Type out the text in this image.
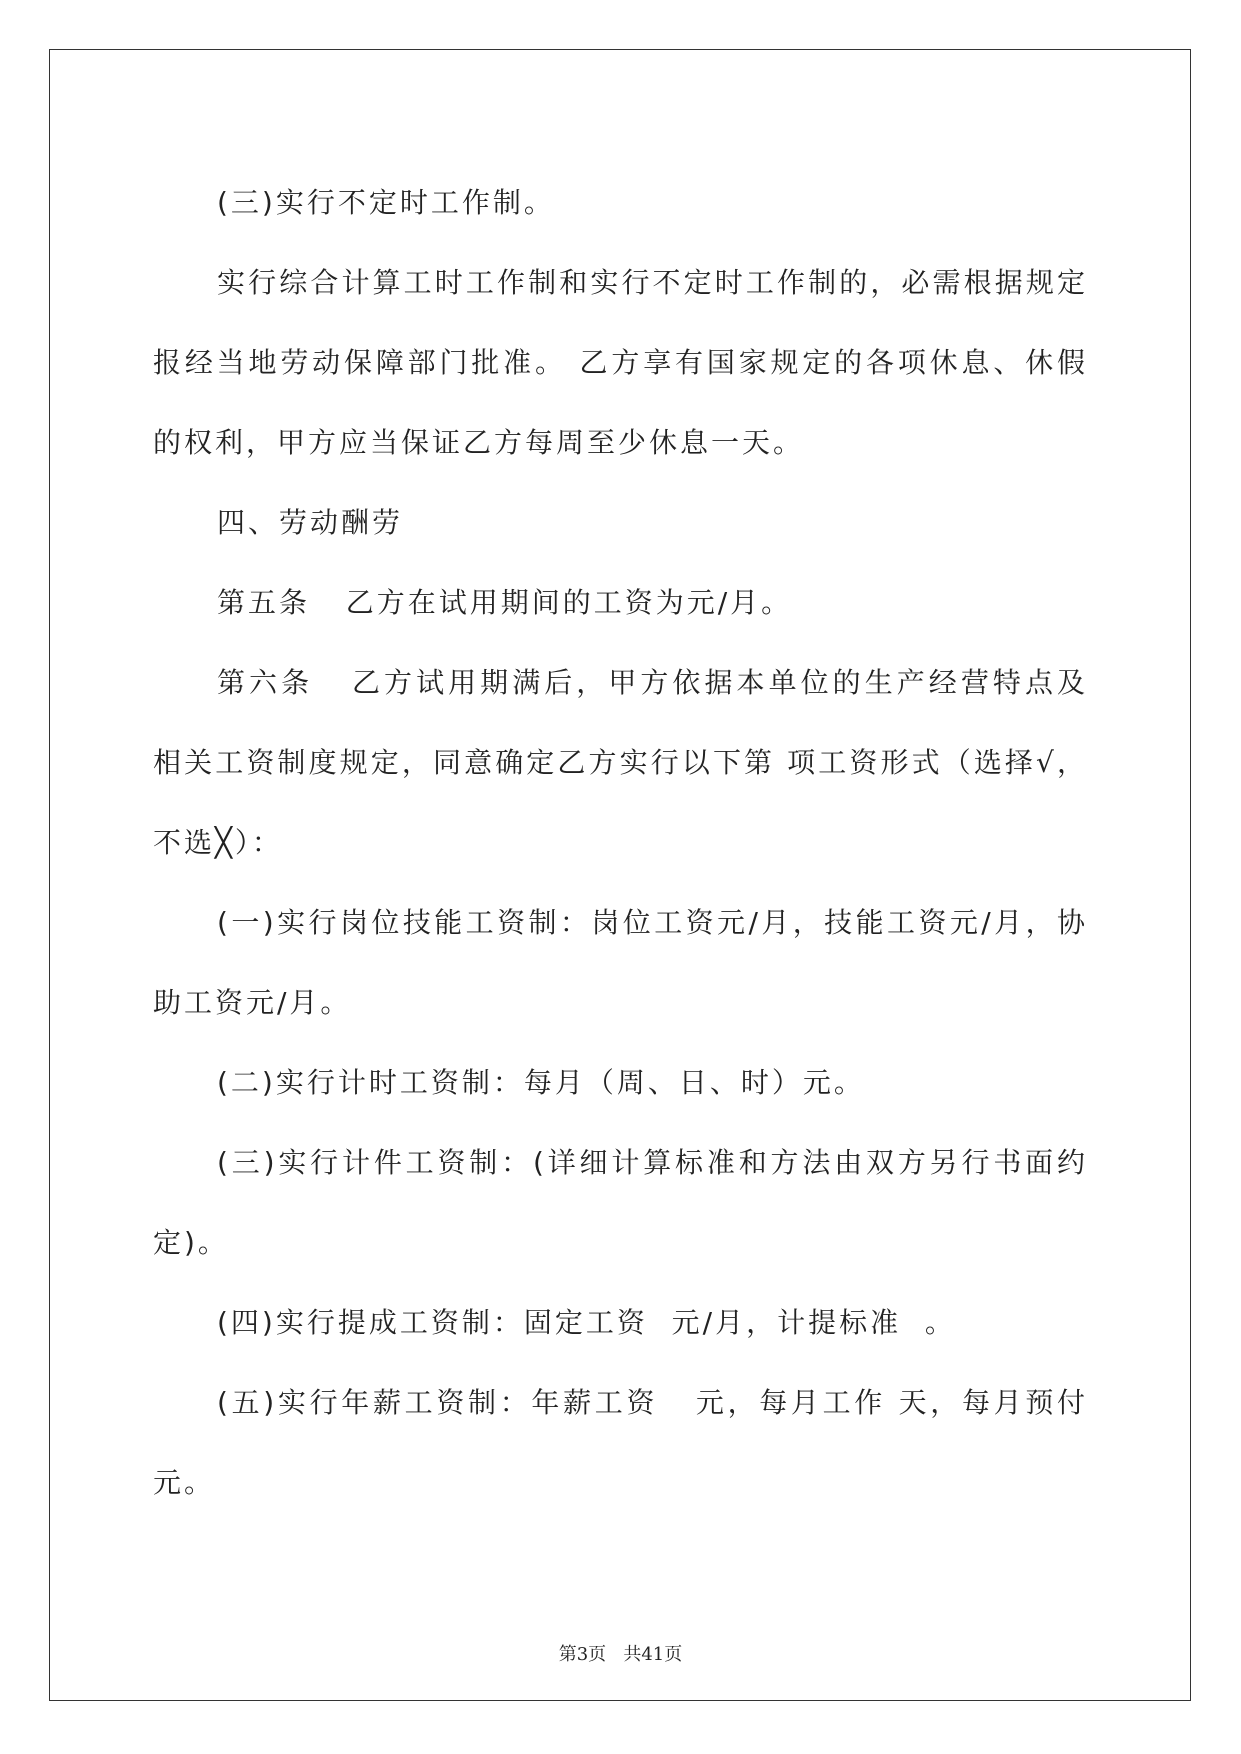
(三)实行不定时工作制。

实行综合计算工时工作制和实行不定时工作制的，必需根据规定报经当地劳动保障部门批准。 乙方享有国家规定的各项休息、休假的权利，甲方应当保证乙方每周至少休息一天。

四、劳动酬劳

第五条   乙方在试用期间的工资为元/月。

第六条   乙方试用期满后，甲方依据本单位的生产经营特点及相关工资制度规定，同意确定乙方实行以下第 项工资形式（选择√，不选╳）：

(一)实行岗位技能工资制：岗位工资元/月，技能工资元/月，协助工资元/月。

(二)实行计时工资制：每月（周、日、时）元。

(三)实行计件工资制：(详细计算标准和方法由双方另行书面约定)。

(四)实行提成工资制：固定工资  元/月，计提标准  。

(五)实行年薪工资制：年薪工资   元，每月工作 天，每月预付元。

第3页   共41页
